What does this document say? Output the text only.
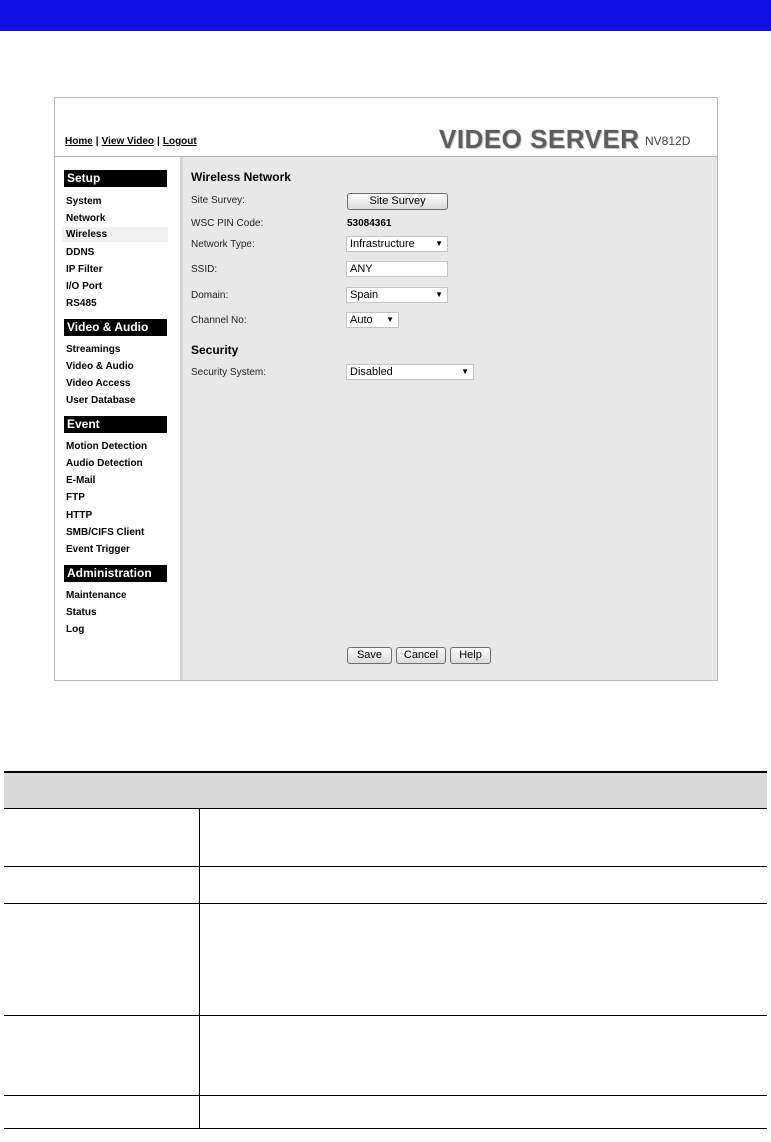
Home | View Video | Logout	VIDEO SERVER NV812D
Setup
System
Network
Wireless
DDNS
IP Filter
I/O Port
RS485
Video & Audio
Streamings
Video & Audio
Video Access
User Database
Event
Motion Detection
Audio Detection
E-Mail
FTP
HTTP
SMB/CIFS Client
Event Trigger
Administration
Maintenance
Status
Log
Wireless Network
Site Survey:	Site Survey
WSC PIN Code:	53084361
Network Type:	Infrastructure	▼
SSID:	ANY
Domain:	Spain	▼
Channel No:	Auto ▼
Security
Security System:	Disabled	▼
Save	Cancel	Help
